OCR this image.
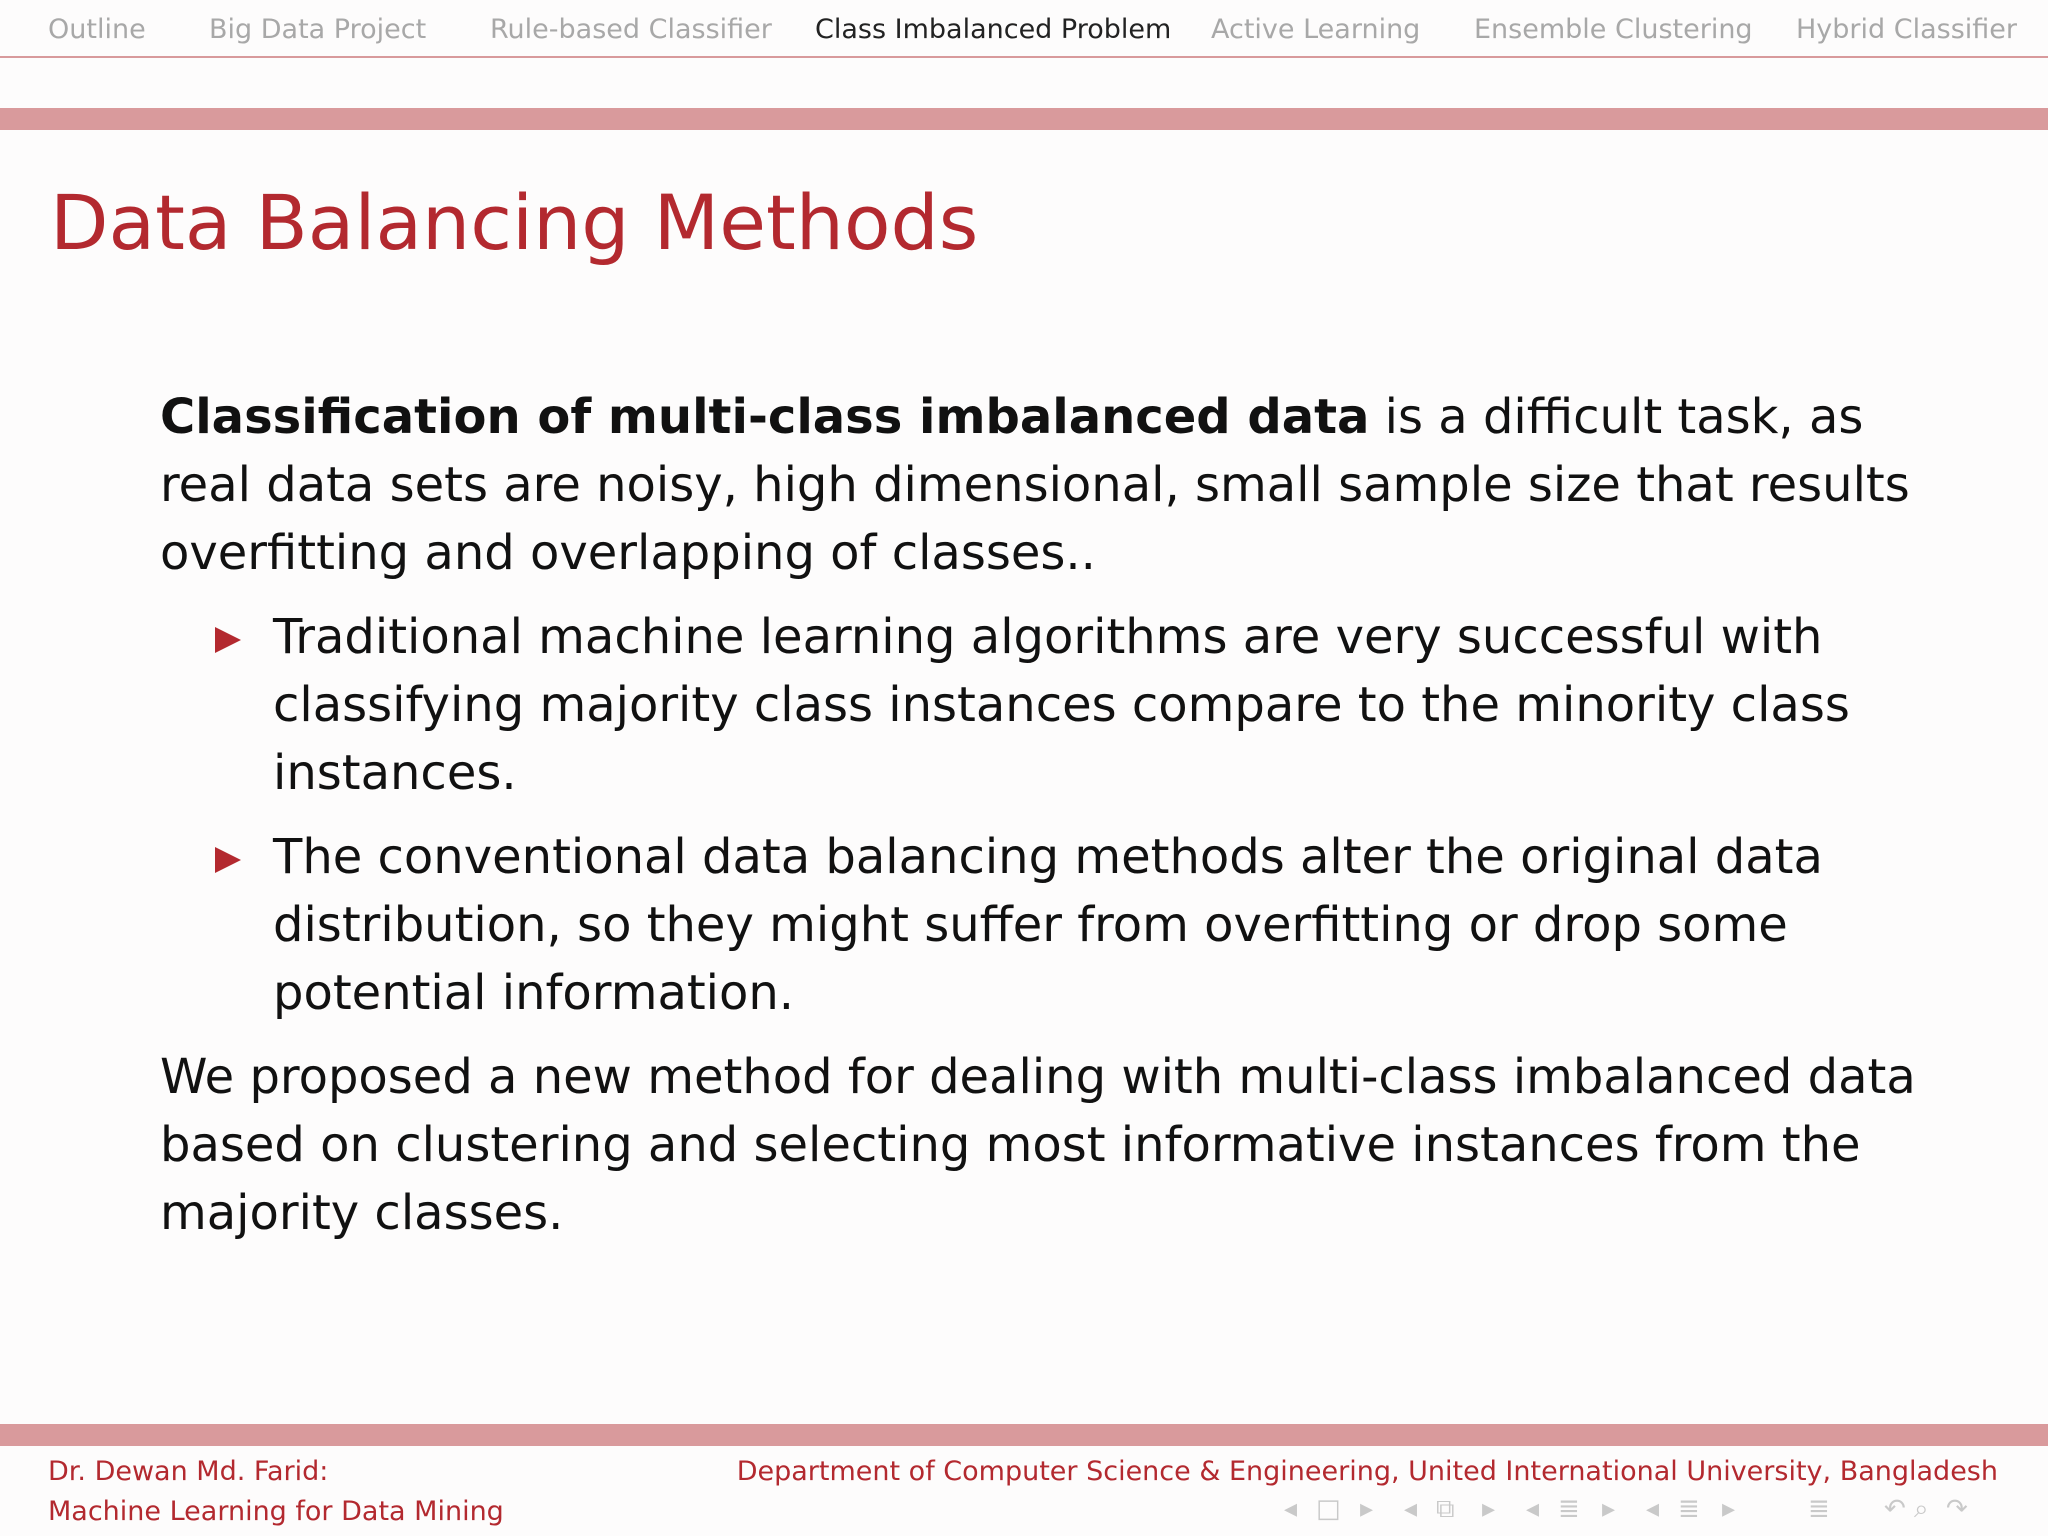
Outline Big Data Project Rule-based Classifier Class Imbalanced Problem Active Learning Ensemble Clustering Hybrid Classifier
Data Balancing Methods

Classification of multi-class imbalanced data is a difficult task, as real data sets are noisy, high dimensional, small sample size that results overfitting and overlapping of classes..

Traditional machine learning algorithms are very successful with classifying majority class instances compare to the minority class instances.
The conventional data balancing methods alter the original data distribution, so they might suffer from overfitting or drop some potential information.

We proposed a new method for dealing with multi-class imbalanced data based on clustering and selecting most informative instances from the majority classes.

Dr. Dewan Md. Farid:
Machine Learning for Data Mining
Department of Computer Science & Engineering, United International University, Bangladesh
◂ □ ▸ ◂ ⧉ ▸ ◂ ≣ ▸ ◂ ≣ ▸	≣ ↶ ⌕ ↷
